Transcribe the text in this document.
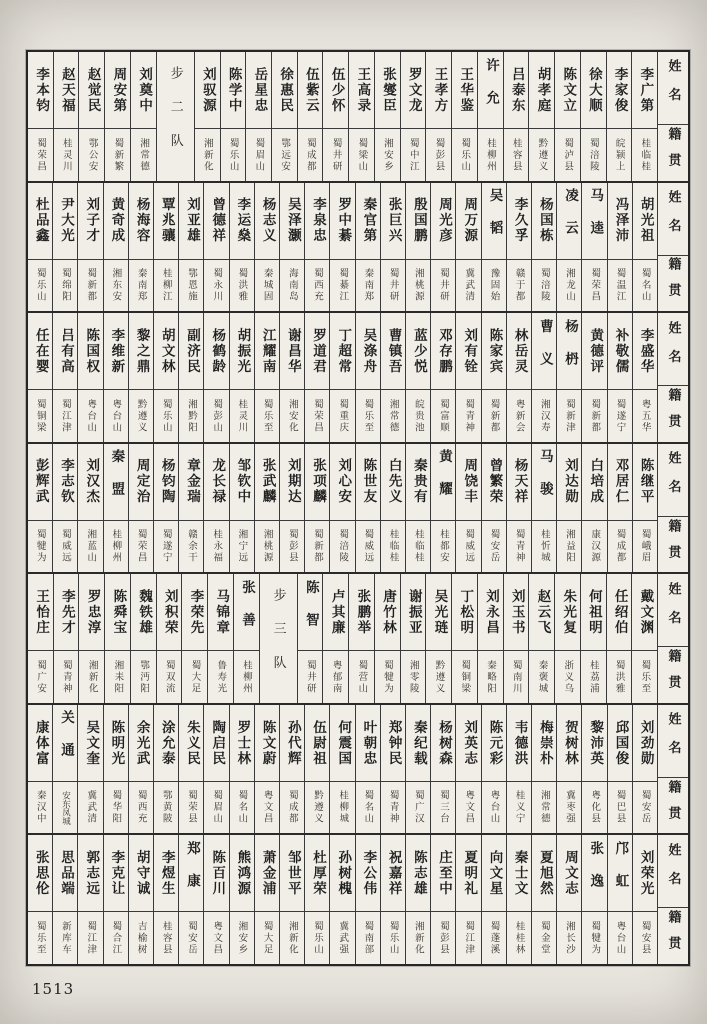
姓名
籍贯
李广第
桂临桂
李家俊
皖颍上
徐大顺
蜀涪陵
陈文立
蜀泸县
胡孝庭
黔遵义
吕泰东
桂容县
许允
桂柳州
王华鉴
蜀乐山
王孝方
蜀彭县
罗文龙
蜀中江
张燮臣
湘安乡
王高录
蜀梁山
伍少怀
蜀井研
伍紫云
蜀成都
徐惠民
鄂远安
岳星忠
蜀眉山
陈学中
蜀乐山
刘驭源
湘新化
步二队
刘奠中
湘常德
周安第
蜀新繁
赵觉民
鄂公安
赵天福
桂灵川
李本钧
蜀荣昌
姓名
籍贯
胡光祖
蜀名山
冯泽沛
蜀温江
马逵
蜀荣昌
凌云
湘龙山
杨国栋
蜀涪陵
李久孚
赣于都
吴韬
豫固始
周万源
冀武清
周光彦
蜀井研
殷国鹏
湘桃源
张巨兴
蜀井研
秦官第
秦南郑
罗中綦
蜀綦江
李泉忠
蜀西充
吴泽灏
海南岛
杨志义
秦城固
李运燊
蜀洪雅
曾德祥
蜀永川
刘亚雄
鄂恩施
覃兆骧
桂柳江
杨海容
秦南郑
黄奇成
湘东安
刘子才
蜀新都
尹大光
蜀绵阳
杜品鑫
蜀乐山
姓名
籍贯
李盛华
粤五华
补敬儒
蜀遂宁
黄德评
蜀新都
杨枬
蜀新津
曹义
湘汉寿
林岳灵
粤新会
陈家宾
蜀新都
刘有铨
蜀青神
邓存鹏
蜀富顺
蓝少悦
皖贵池
曹镇吾
湘常德
吴涤舟
蜀乐至
丁超常
蜀重庆
罗道君
蜀荣昌
谢昌华
湘安化
江耀南
蜀乐至
胡振光
桂灵川
杨鹤龄
蜀彭山
副济民
湘黔阳
胡文林
蜀乐山
黎之鼎
黔遵义
李维新
粤台山
陈国权
粤台山
吕有高
蜀江津
任在婴
蜀铜梁
姓名
籍贯
陈继平
蜀峨眉
邓居仁
蜀成都
白培成
康汉源
刘达勋
湘益阳
马骏
桂忻城
杨天祥
蜀青神
曾繁荣
蜀安岳
周饶丰
蜀威远
黄耀
桂都安
秦贵有
桂临桂
白先义
桂临桂
陈世友
蜀威远
刘心安
蜀涪陵
张项麟
蜀新都
刘期达
蜀彭县
张武麟
湘桃源
邹钦中
湘宁远
龙长禄
桂永福
章金瑞
赣余干
杨钧陶
蜀遂宁
周定治
蜀荣昌
秦盟
桂柳州
刘汉杰
湘蓝山
李志钦
蜀威远
彭辉武
蜀犍为
姓名
籍贯
戴文渊
蜀乐至
任绍伯
蜀洪雅
何祖明
桂荔浦
朱光复
浙义乌
赵云飞
秦褒城
刘玉书
蜀南川
刘永昌
秦略阳
丁松明
蜀铜梁
吴光琏
黔遵义
谢振亚
湘零陵
唐竹林
蜀犍为
张鹏举
蜀营山
卢其廉
粤郁南
陈智
蜀井研
步三队
张善
桂柳州
马锦章
鲁寿光
李荣先
蜀大足
刘积荣
蜀双流
魏铁雄
鄂沔阳
陈舜宝
湘耒阳
罗忠淳
湘新化
李先才
蜀青神
王怡庄
蜀广安
姓名
籍贯
刘劲勋
蜀安岳
邱国俊
蜀巴县
黎沛英
粤化县
贺树林
冀枣强
梅崇朴
湘常德
韦德洪
桂义宁
陈元彩
粤台山
刘英志
粤文昌
杨树森
蜀三台
秦纪载
蜀广汉
郑钟民
蜀青神
叶朝忠
蜀名山
何震国
桂柳城
伍尉祖
黔遵义
孙代辉
蜀成都
陈文蔚
粤文昌
罗士林
蜀名山
陶启民
蜀眉山
朱义民
蜀荣县
涂允泰
鄂黄陂
余光武
蜀西充
陈明光
蜀华阳
吴文奎
冀武清
关通
安东凤城
康体富
秦汉中
姓名
籍贯
刘荣光
蜀安县
邝虹
粤台山
张逸
蜀犍为
周文志
湘长沙
夏旭然
蜀金堂
秦士文
桂桂林
向文星
蜀蓬溪
夏明礼
蜀江津
庄至中
蜀彭县
陈志雄
湘新化
祝嘉祥
蜀乐山
李公伟
蜀南部
孙树槐
冀武强
杜厚荣
蜀乐山
邹世平
湘新化
萧金浦
蜀大足
熊鸿源
湘安乡
陈百川
粤文昌
郑康
蜀安岳
李煜生
桂容县
胡守诚
吉榆树
李克让
蜀合江
郭志远
蜀江津
思品端
新库车
张思伦
蜀乐至
1513
